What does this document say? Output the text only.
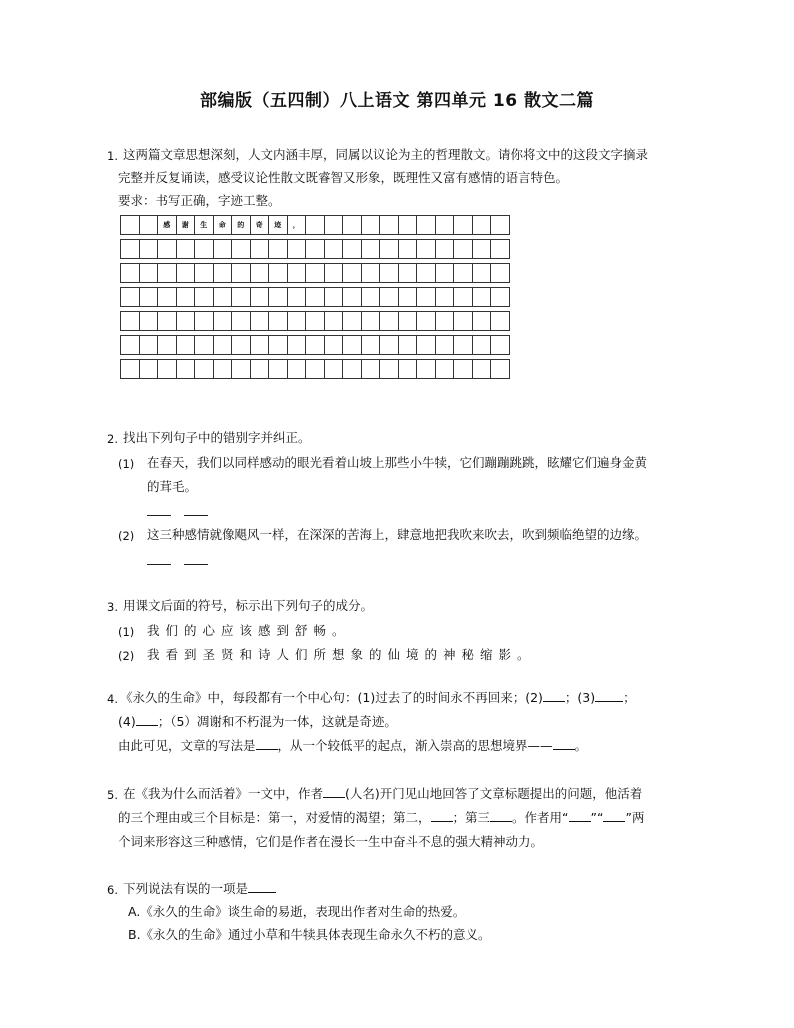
部编版（五四制）八上语文 第四单元 16 散文二篇
1. 这两篇文章思想深刻，人文内涵丰厚，同属以议论为主的哲理散文。请你将文中的这段文字摘录
完整并反复诵读，感受议论性散文既睿智又形象，既理性又富有感情的语言特色。
要求：书写正确，字迹工整。
		感	谢	生	命	的	奇	迹	，											

2. 找出下列句子中的错别字并纠正。
(1) 在春天，我们以同样感动的眼光看着山坡上那些小牛犊，它们蹦蹦跳跳，眩耀它们遍身金黄
的茸毛。
(2) 这三种感情就像飓风一样，在深深的苦海上，肆意地把我吹来吹去，吹到频临绝望的边缘。
3. 用课文后面的符号，标示出下列句子的成分。
(1) 我们的心应该感到舒畅。
(2) 我看到圣贤和诗人们所想象的仙境的神秘缩影。
4. 《永久的生命》中，每段都有一个中心句：(1)过去了的时间永不再回来；(2) ；(3) ；
(4) ；（5）凋谢和不朽混为一体，这就是奇迹。
由此可见，文章的写法是 ，从一个较低平的起点，渐入崇高的思想境界—— 。
5. 在《我为什么而活着》一文中，作者 (人名)开门见山地回答了文章标题提出的问题，他活着
的三个理由或三个目标是：第一，对爱情的渴望；第二， ；第三 。作者用“ ”“ ”两
个词来形容这三种感情，它们是作者在漫长一生中奋斗不息的强大精神动力。
6. 下列说法有误的一项是
A.《永久的生命》谈生命的易逝，表现出作者对生命的热爱。
B.《永久的生命》通过小草和牛犊具体表现生命永久不朽的意义。
